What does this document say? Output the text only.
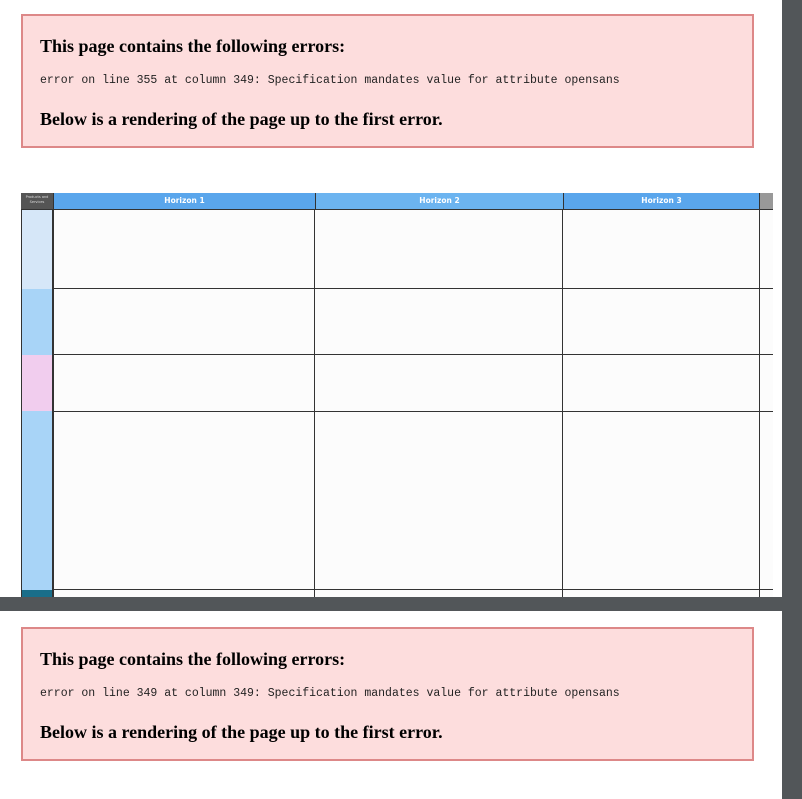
This page contains the following errors:
error on line 355 at column 349: Specification mandates value for attribute opensans
Below is a rendering of the page up to the first error.
Products and Services	Horizon 1	Horizon 2	Horizon 3
This page contains the following errors:
error on line 349 at column 349: Specification mandates value for attribute opensans
Below is a rendering of the page up to the first error.
